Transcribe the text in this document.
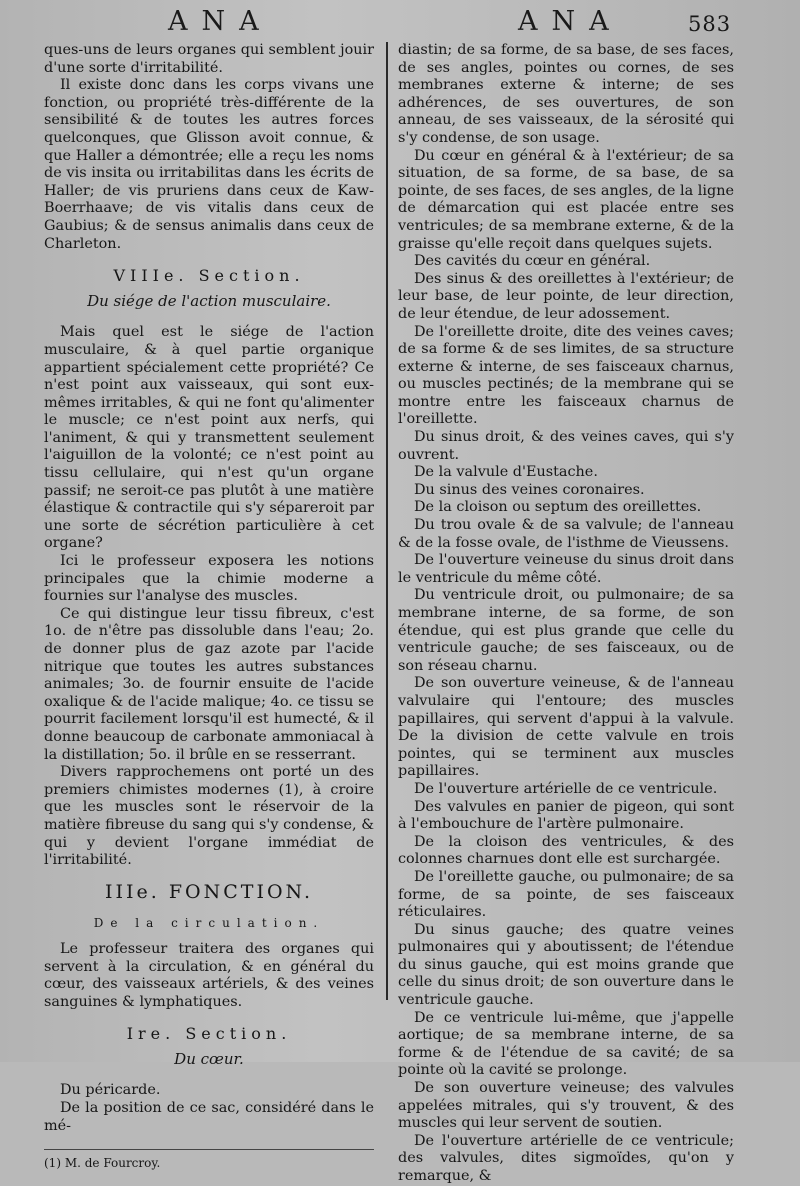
ANA	ANA	583

ques-uns de leurs organes qui semblent jouir d'une sorte d'irritabilité.

Il existe donc dans les corps vivans une fonction, ou propriété très-différente de la sensibilité & de toutes les autres forces quelconques, que Glisson avoit connue, & que Haller a démontrée; elle a reçu les noms de vis insita ou irritabilitas dans les écrits de Haller; de vis pruriens dans ceux de Kaw-Boerrhaave; de vis vitalis dans ceux de Gaubius; & de sensus animalis dans ceux de Charleton.

VIIIe. Section.
Du siége de l'action musculaire.

Mais quel est le siége de l'action musculaire, & à quel partie organique appartient spécialement cette propriété? Ce n'est point aux vaisseaux, qui sont eux-mêmes irritables, & qui ne font qu'alimenter le muscle; ce n'est point aux nerfs, qui l'animent, & qui y transmettent seulement l'aiguillon de la volonté; ce n'est point au tissu cellulaire, qui n'est qu'un organe passif; ne seroit-ce pas plutôt à une matière élastique & contractile qui s'y sépareroit par une sorte de sécrétion particulière à cet organe?

Ici le professeur exposera les notions principales que la chimie moderne a fournies sur l'analyse des muscles.

Ce qui distingue leur tissu fibreux, c'est 1o. de n'être pas dissoluble dans l'eau; 2o. de donner plus de gaz azote par l'acide nitrique que toutes les autres substances animales; 3o. de fournir ensuite de l'acide oxalique & de l'acide malique; 4o. ce tissu se pourrit facilement lorsqu'il est humecté, & il donne beaucoup de carbonate ammoniacal à la distillation; 5o. il brûle en se resserrant.

Divers rapprochemens ont porté un des premiers chimistes modernes (1), à croire que les muscles sont le réservoir de la matière fibreuse du sang qui s'y condense, & qui y devient l'organe immédiat de l'irritabilité.

IIIe. FONCTION.
De la circulation.

Le professeur traitera des organes qui servent à la circulation, & en général du cœur, des vaisseaux artériels, & des veines sanguines & lymphatiques.

Ire. Section.
Du cœur.

Du péricarde.

De la position de ce sac, considéré dans le mé-

(1) M. de Fourcroy.

diastin; de sa forme, de sa base, de ses faces, de ses angles, pointes ou cornes, de ses membranes externe & interne; de ses adhérences, de ses ouvertures, de son anneau, de ses vaisseaux, de la sérosité qui s'y condense, de son usage.

Du cœur en général & à l'extérieur; de sa situation, de sa forme, de sa base, de sa pointe, de ses faces, de ses angles, de la ligne de démarcation qui est placée entre ses ventricules; de sa membrane externe, & de la graisse qu'elle reçoit dans quelques sujets.

Des cavités du cœur en général.

Des sinus & des oreillettes à l'extérieur; de leur base, de leur pointe, de leur direction, de leur étendue, de leur adossement.

De l'oreillette droite, dite des veines caves; de sa forme & de ses limites, de sa structure externe & interne, de ses faisceaux charnus, ou muscles pectinés; de la membrane qui se montre entre les faisceaux charnus de l'oreillette.

Du sinus droit, & des veines caves, qui s'y ouvrent.

De la valvule d'Eustache.

Du sinus des veines coronaires.

De la cloison ou septum des oreillettes.

Du trou ovale & de sa valvule; de l'anneau & de la fosse ovale, de l'isthme de Vieussens.

De l'ouverture veineuse du sinus droit dans le ventricule du même côté.

Du ventricule droit, ou pulmonaire; de sa membrane interne, de sa forme, de son étendue, qui est plus grande que celle du ventricule gauche; de ses faisceaux, ou de son réseau charnu.

De son ouverture veineuse, & de l'anneau valvulaire qui l'entoure; des muscles papillaires, qui servent d'appui à la valvule. De la division de cette valvule en trois pointes, qui se terminent aux muscles papillaires.

De l'ouverture artérielle de ce ventricule.

Des valvules en panier de pigeon, qui sont à l'embouchure de l'artère pulmonaire.

De la cloison des ventricules, & des colonnes charnues dont elle est surchargée.

De l'oreillette gauche, ou pulmonaire; de sa forme, de sa pointe, de ses faisceaux réticulaires.

Du sinus gauche; des quatre veines pulmonaires qui y aboutissent; de l'étendue du sinus gauche, qui est moins grande que celle du sinus droit; de son ouverture dans le ventricule gauche.

De ce ventricule lui-même, que j'appelle aortique; de sa membrane interne, de sa forme & de l'étendue de sa cavité; de sa pointe où la cavité se prolonge.

De son ouverture veineuse; des valvules appelées mitrales, qui s'y trouvent, & des muscles qui leur servent de soutien.

De l'ouverture artérielle de ce ventricule; des valvules, dites sigmoïdes, qu'on y remarque, &
